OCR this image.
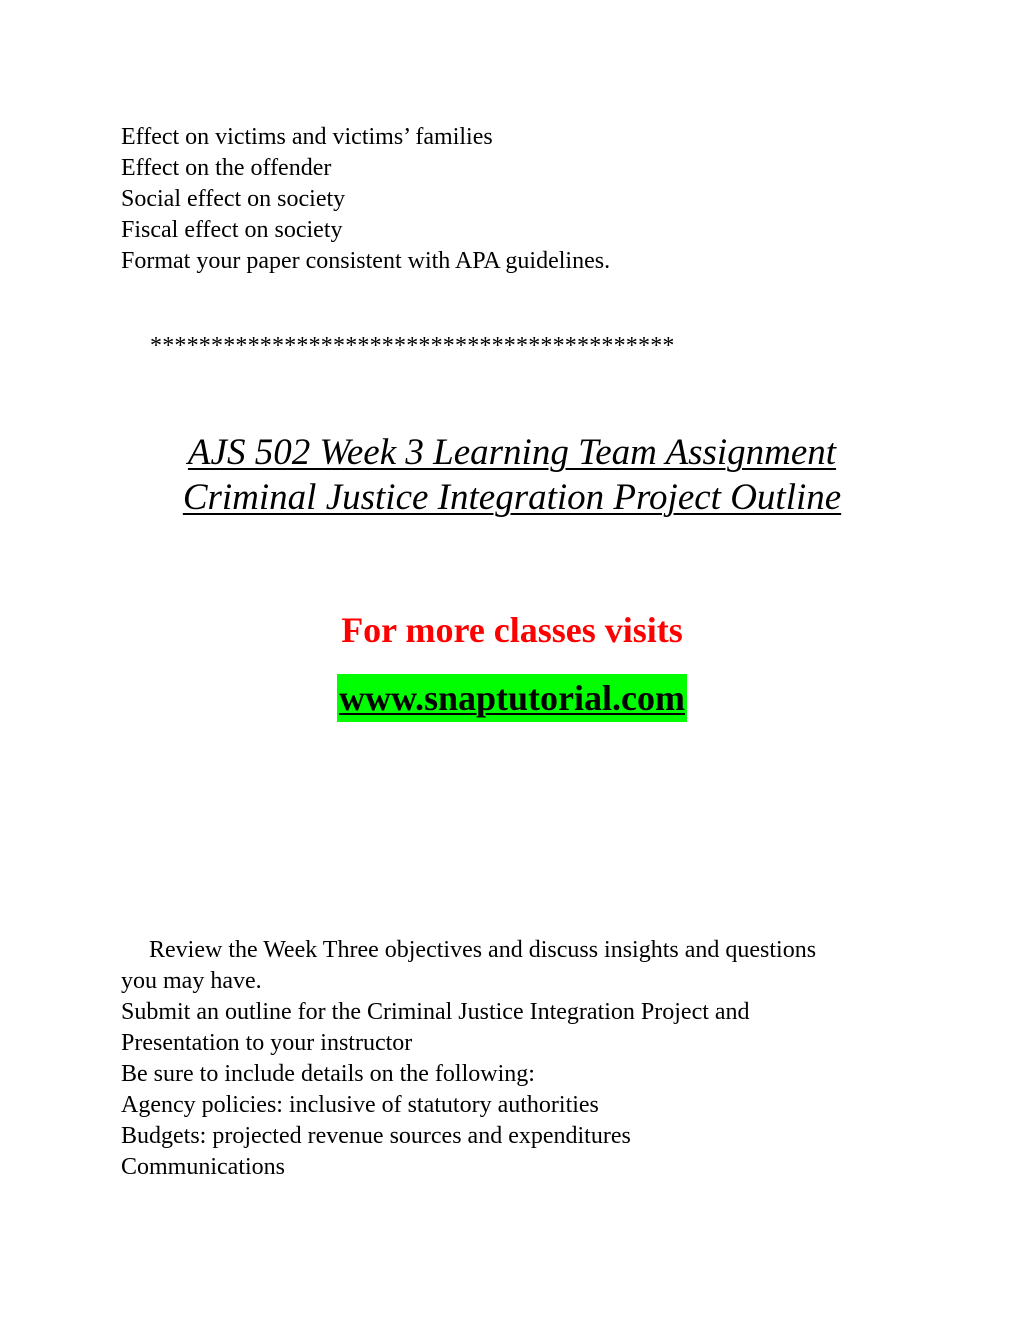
Effect on victims and victims’ families
Effect on the offender
Social effect on society
Fiscal effect on society
Format your paper consistent with APA guidelines.
*******************************************
AJS 502 Week 3 Learning Team Assignment
Criminal Justice Integration Project Outline
For more classes visits
www.snaptutorial.com
Review the Week Three objectives and discuss insights and questions
you may have.
Submit an outline for the Criminal Justice Integration Project and
Presentation to your instructor
Be sure to include details on the following:
Agency policies: inclusive of statutory authorities
Budgets: projected revenue sources and expenditures
Communications
